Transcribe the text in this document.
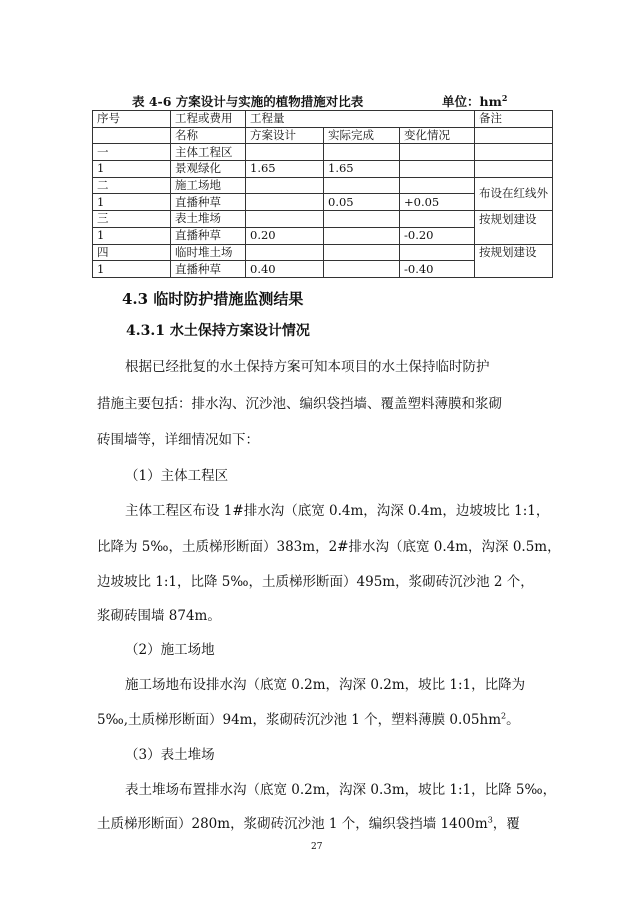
表 4-6 方案设计与实施的植物措施对比表	单位：$hm^2$
序号	工程或费用	工程量			备注
	名称	方案设计	实际完成	变化情况	
一	主体工程区				
1	景观绿化	1.65	1.65		
二	施工场地				布设在红线外
1	直播种草		0.05	+0.05	
三	表土堆场				按规划建设
1	直播种草	0.20		-0.20	
四	临时堆土场				按规划建设
1	直播种草	0.40		-0.40	
4.3 临时防护措施监测结果
4.3.1 水土保持方案设计情况
根据已经批复的水土保持方案可知本项目的水土保持临时防护
措施主要包括：排水沟、沉沙池、编织袋挡墙、覆盖塑料薄膜和浆砌
砖围墙等，详细情况如下：
（1）主体工程区
主体工程区布设 1#排水沟（底宽 0.4m，沟深 0.4m，边坡坡比 1:1，
比降为 5‰，土质梯形断面）383m，2#排水沟（底宽 0.4m，沟深 0.5m，
边坡坡比 1:1，比降 5‰，土质梯形断面）495m，浆砌砖沉沙池 2 个，
浆砌砖围墙 874m。
（2）施工场地
施工场地布设排水沟（底宽 0.2m，沟深 0.2m，坡比 1:1，比降为
5‰,土质梯形断面）94m，浆砌砖沉沙池 1 个，塑料薄膜 $0.05hm^2$。
（3）表土堆场
表土堆场布置排水沟（底宽 0.2m，沟深 0.3m，坡比 1:1，比降 5‰，
土质梯形断面）280m，浆砌砖沉沙池 1 个，编织袋挡墙 $1400m^3$，覆
27
